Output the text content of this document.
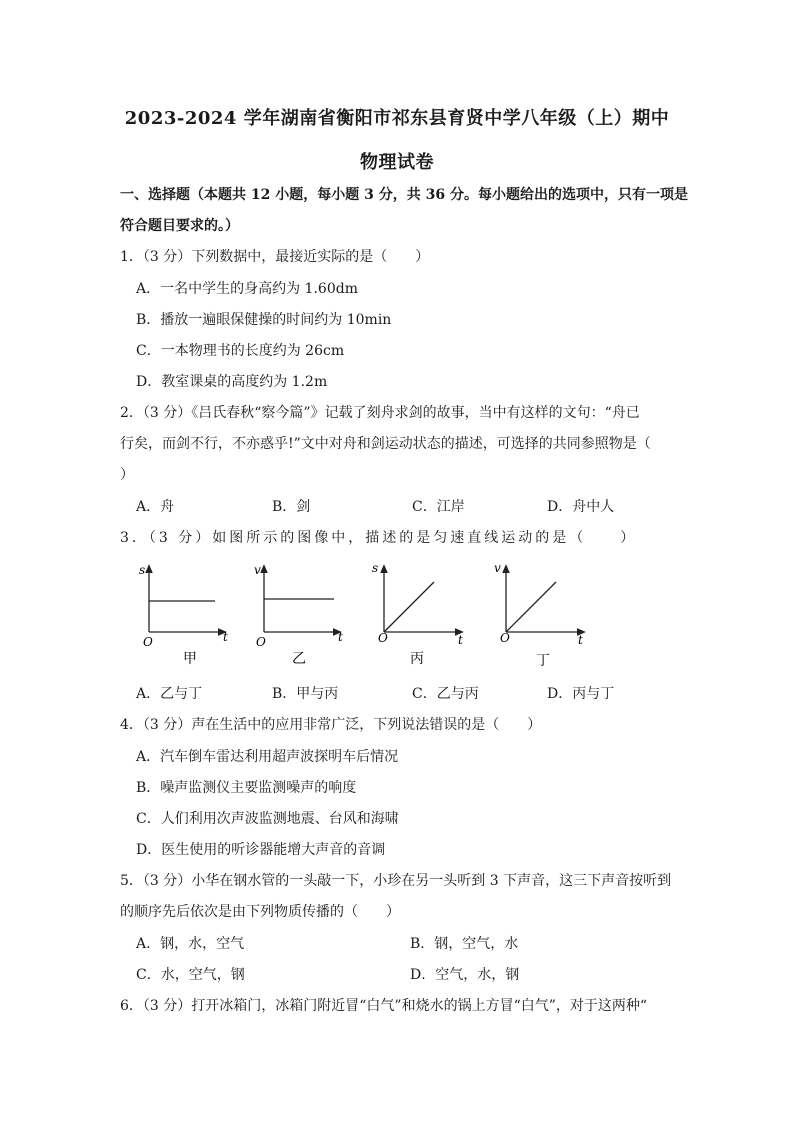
2023-2024 学年湖南省衡阳市祁东县育贤中学八年级（上）期中
物理试卷
一、选择题（本题共 12 小题，每小题 3 分，共 36 分。每小题给出的选项中，只有一项是
符合题目要求的。）
1．（3 分）下列数据中，最接近实际的是（　　）
A．一名中学生的身高约为 1.60dm
B．播放一遍眼保健操的时间约为 10min
C．一本物理书的长度约为 26cm
D．教室课桌的高度约为 1.2m
2．（3 分）《吕氏春秋“察今篇”》记载了刻舟求剑的故事，当中有这样的文句：“舟已
行矣，而剑不行，不亦惑乎!”文中对舟和剑运动状态的描述，可选择的共同参照物是（
）
A．舟	B．剑	C．江岸	D．舟中人
3．（3 分）如图所示的图像中，描述的是匀速直线运动的是（　　）
s
t
O
甲
v
t
O
乙
s
t
O
丙
v
t
O
丁
A．乙与丁	B．甲与丙	C．乙与丙	D．丙与丁
4．（3 分）声在生活中的应用非常广泛，下列说法错误的是（　　）
A．汽车倒车雷达利用超声波探明车后情况
B．噪声监测仪主要监测噪声的响度
C．人们利用次声波监测地震、台风和海啸
D．医生使用的听诊器能增大声音的音调
5．（3 分）小华在钢水管的一头敲一下，小珍在另一头听到 3 下声音，这三下声音按听到
的顺序先后依次是由下列物质传播的（　　）
A．钢，水，空气	B．钢，空气，水
C．水，空气，钢	D．空气，水，钢
6．（3 分）打开冰箱门，冰箱门附近冒“白气”和烧水的锅上方冒“白气”，对于这两种“
